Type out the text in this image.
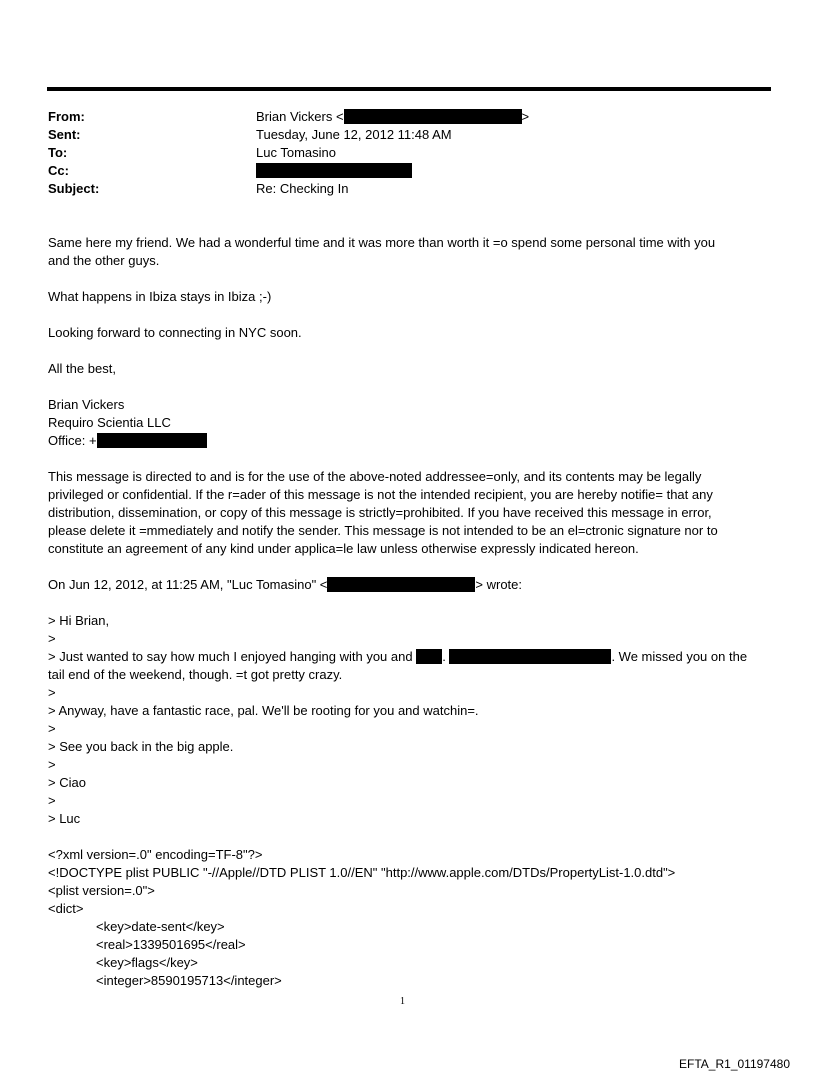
From:	Brian Vickers <	>
Sent:	Tuesday, June 12, 2012 11:48 AM
To:	Luc Tomasino
Cc:
Subject:	Re: Checking In
Same here my friend. We had a wonderful time and it was more than worth it =o spend some personal time with you
and the other guys.
What happens in Ibiza stays in Ibiza ;-)
Looking forward to connecting in NYC soon.
All the best,
Brian Vickers
Requiro Scientia LLC
Office: +
This message is directed to and is for the use of the above-noted addressee=only, and its contents may be legally
privileged or confidential. If the r=ader of this message is not the intended recipient, you are hereby notifie= that any
distribution, dissemination, or copy of this message is strictly=prohibited. If you have received this message in error,
please delete it =mmediately and notify the sender. This message is not intended to be an el=ctronic signature nor to
constitute an agreement of any kind under applica=le law unless otherwise expressly indicated hereon.
On Jun 12, 2012, at 11:25 AM, "Luc Tomasino" <	> wrote:
> Hi Brian,
>
> Just wanted to say how much I enjoyed hanging with you and .	. We missed you on the
tail end of the weekend, though. =t got pretty crazy.
>
> Anyway, have a fantastic race, pal. We'll be rooting for you and watchin=.
>
> See you back in the big apple.
>
> Ciao
>
> Luc
<?xml version=.0" encoding=TF-8"?>
<!DOCTYPE plist PUBLIC "-//Apple//DTD PLIST 1.0//EN" "http://www.apple.com/DTDs/PropertyList-1.0.dtd">
<plist version=.0">
<dict>
<key>date-sent</key>
<real>1339501695</real>
<key>flags</key>
<integer>8590195713</integer>
1
EFTA_R1_01197480
